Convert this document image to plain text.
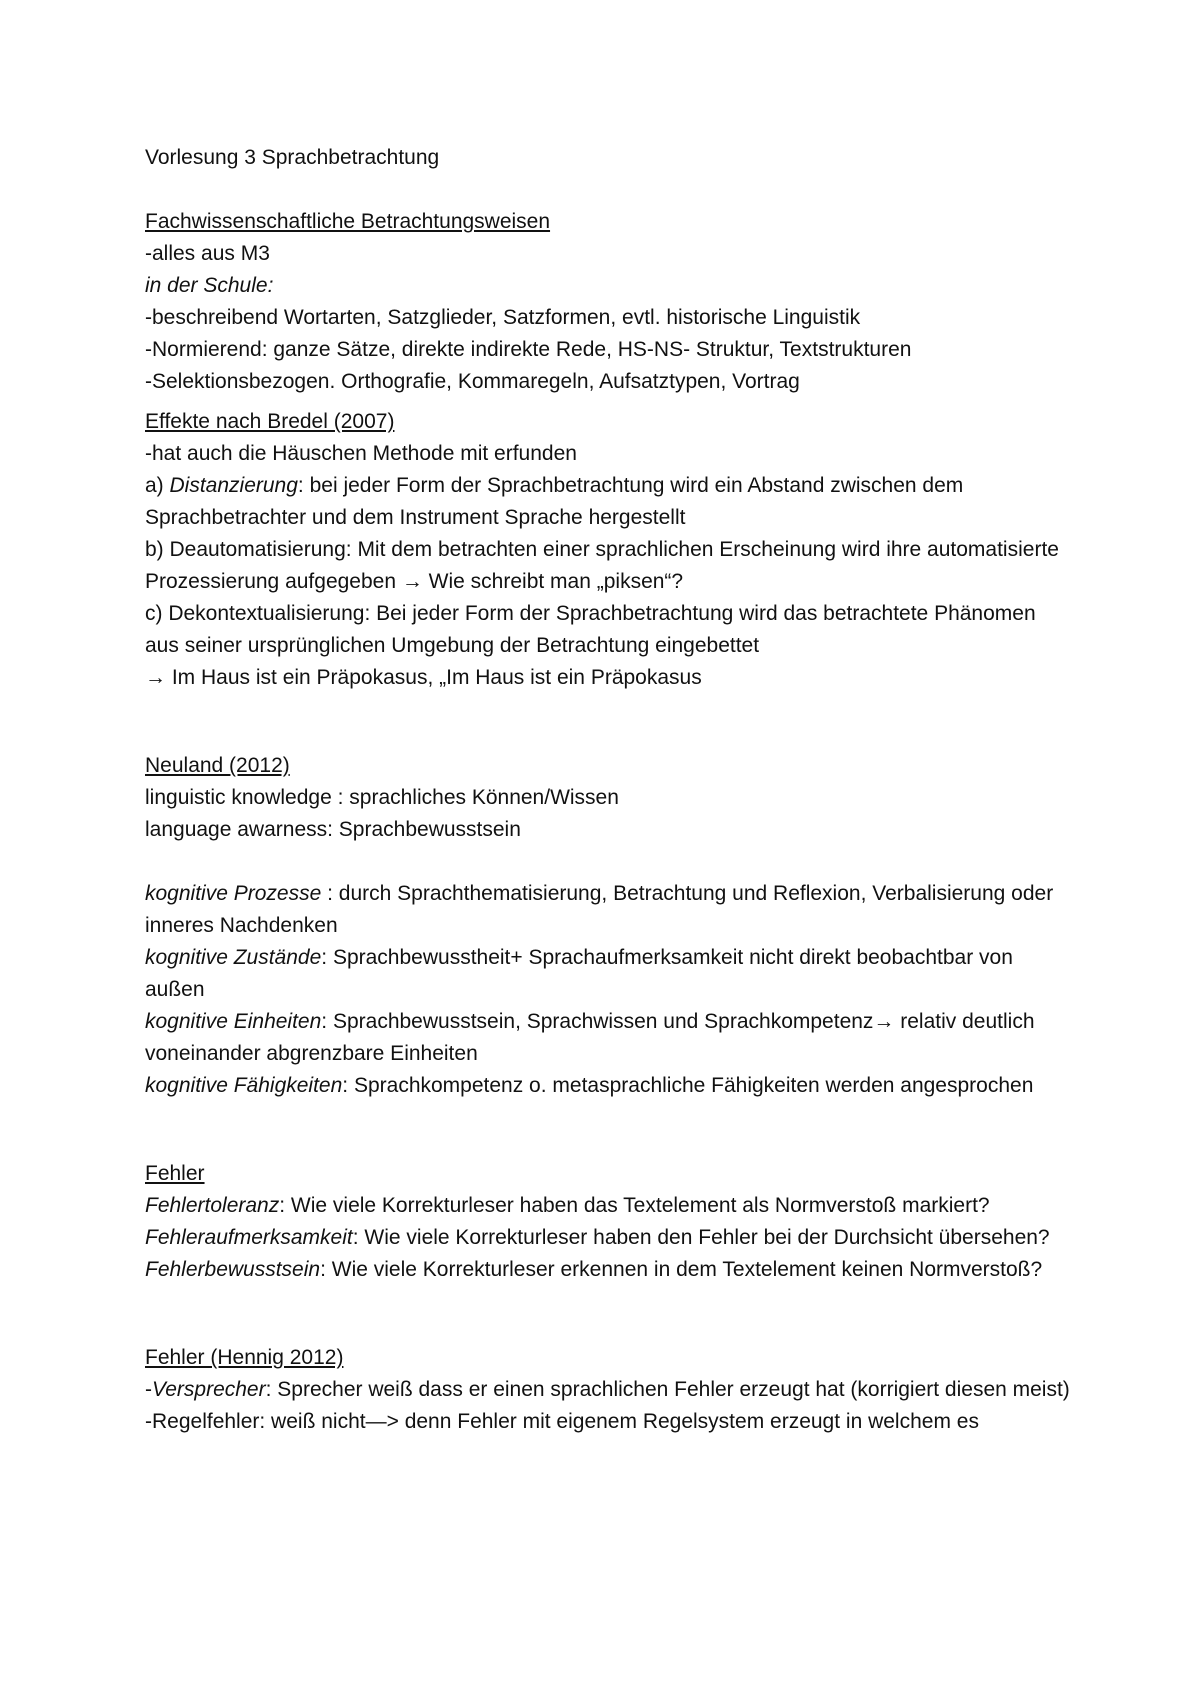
Vorlesung 3 Sprachbetrachtung
Fachwissenschaftliche Betrachtungsweisen
-alles aus M3
in der Schule:
-beschreibend Wortarten, Satzglieder, Satzformen, evtl. historische Linguistik
-Normierend: ganze Sätze, direkte indirekte Rede, HS-NS- Struktur, Textstrukturen
-Selektionsbezogen. Orthografie, Kommaregeln, Aufsatztypen, Vortrag
Effekte nach Bredel (2007)
-hat auch die Häuschen Methode mit erfunden
a) Distanzierung: bei jeder Form der Sprachbetrachtung wird ein Abstand zwischen dem Sprachbetrachter und dem Instrument Sprache hergestellt
b) Deautomatisierung: Mit dem betrachten einer sprachlichen Erscheinung wird ihre automatisierte Prozessierung aufgegeben → Wie schreibt man „piksen“?
c) Dekontextualisierung: Bei jeder Form der Sprachbetrachtung wird das betrachtete Phänomen aus seiner ursprünglichen Umgebung der Betrachtung eingebettet
→ Im Haus ist ein Präpokasus, „Im Haus ist ein Präpokasus
Neuland (2012)
linguistic knowledge : sprachliches Können/Wissen
language awarness: Sprachbewusstsein
kognitive Prozesse : durch Sprachthematisierung, Betrachtung und Reflexion, Verbalisierung oder inneres Nachdenken
kognitive Zustände: Sprachbewusstheit+ Sprachaufmerksamkeit nicht direkt beobachtbar von außen
kognitive Einheiten: Sprachbewusstsein, Sprachwissen und Sprachkompetenz→ relativ deutlich voneinander abgrenzbare Einheiten
kognitive Fähigkeiten: Sprachkompetenz o. metasprachliche Fähigkeiten werden angesprochen
Fehler
Fehlertoleranz: Wie viele Korrekturleser haben das Textelement als Normverstoß markiert?
Fehleraufmerksamkeit: Wie viele Korrekturleser haben den Fehler bei der Durchsicht übersehen?
Fehlerbewusstsein: Wie viele Korrekturleser erkennen in dem Textelement keinen Normverstoß?
Fehler (Hennig 2012)
-Versprecher: Sprecher weiß dass er einen sprachlichen Fehler erzeugt hat (korrigiert diesen meist)
-Regelfehler: weiß nicht—> denn Fehler mit eigenem Regelsystem erzeugt in welchem es
